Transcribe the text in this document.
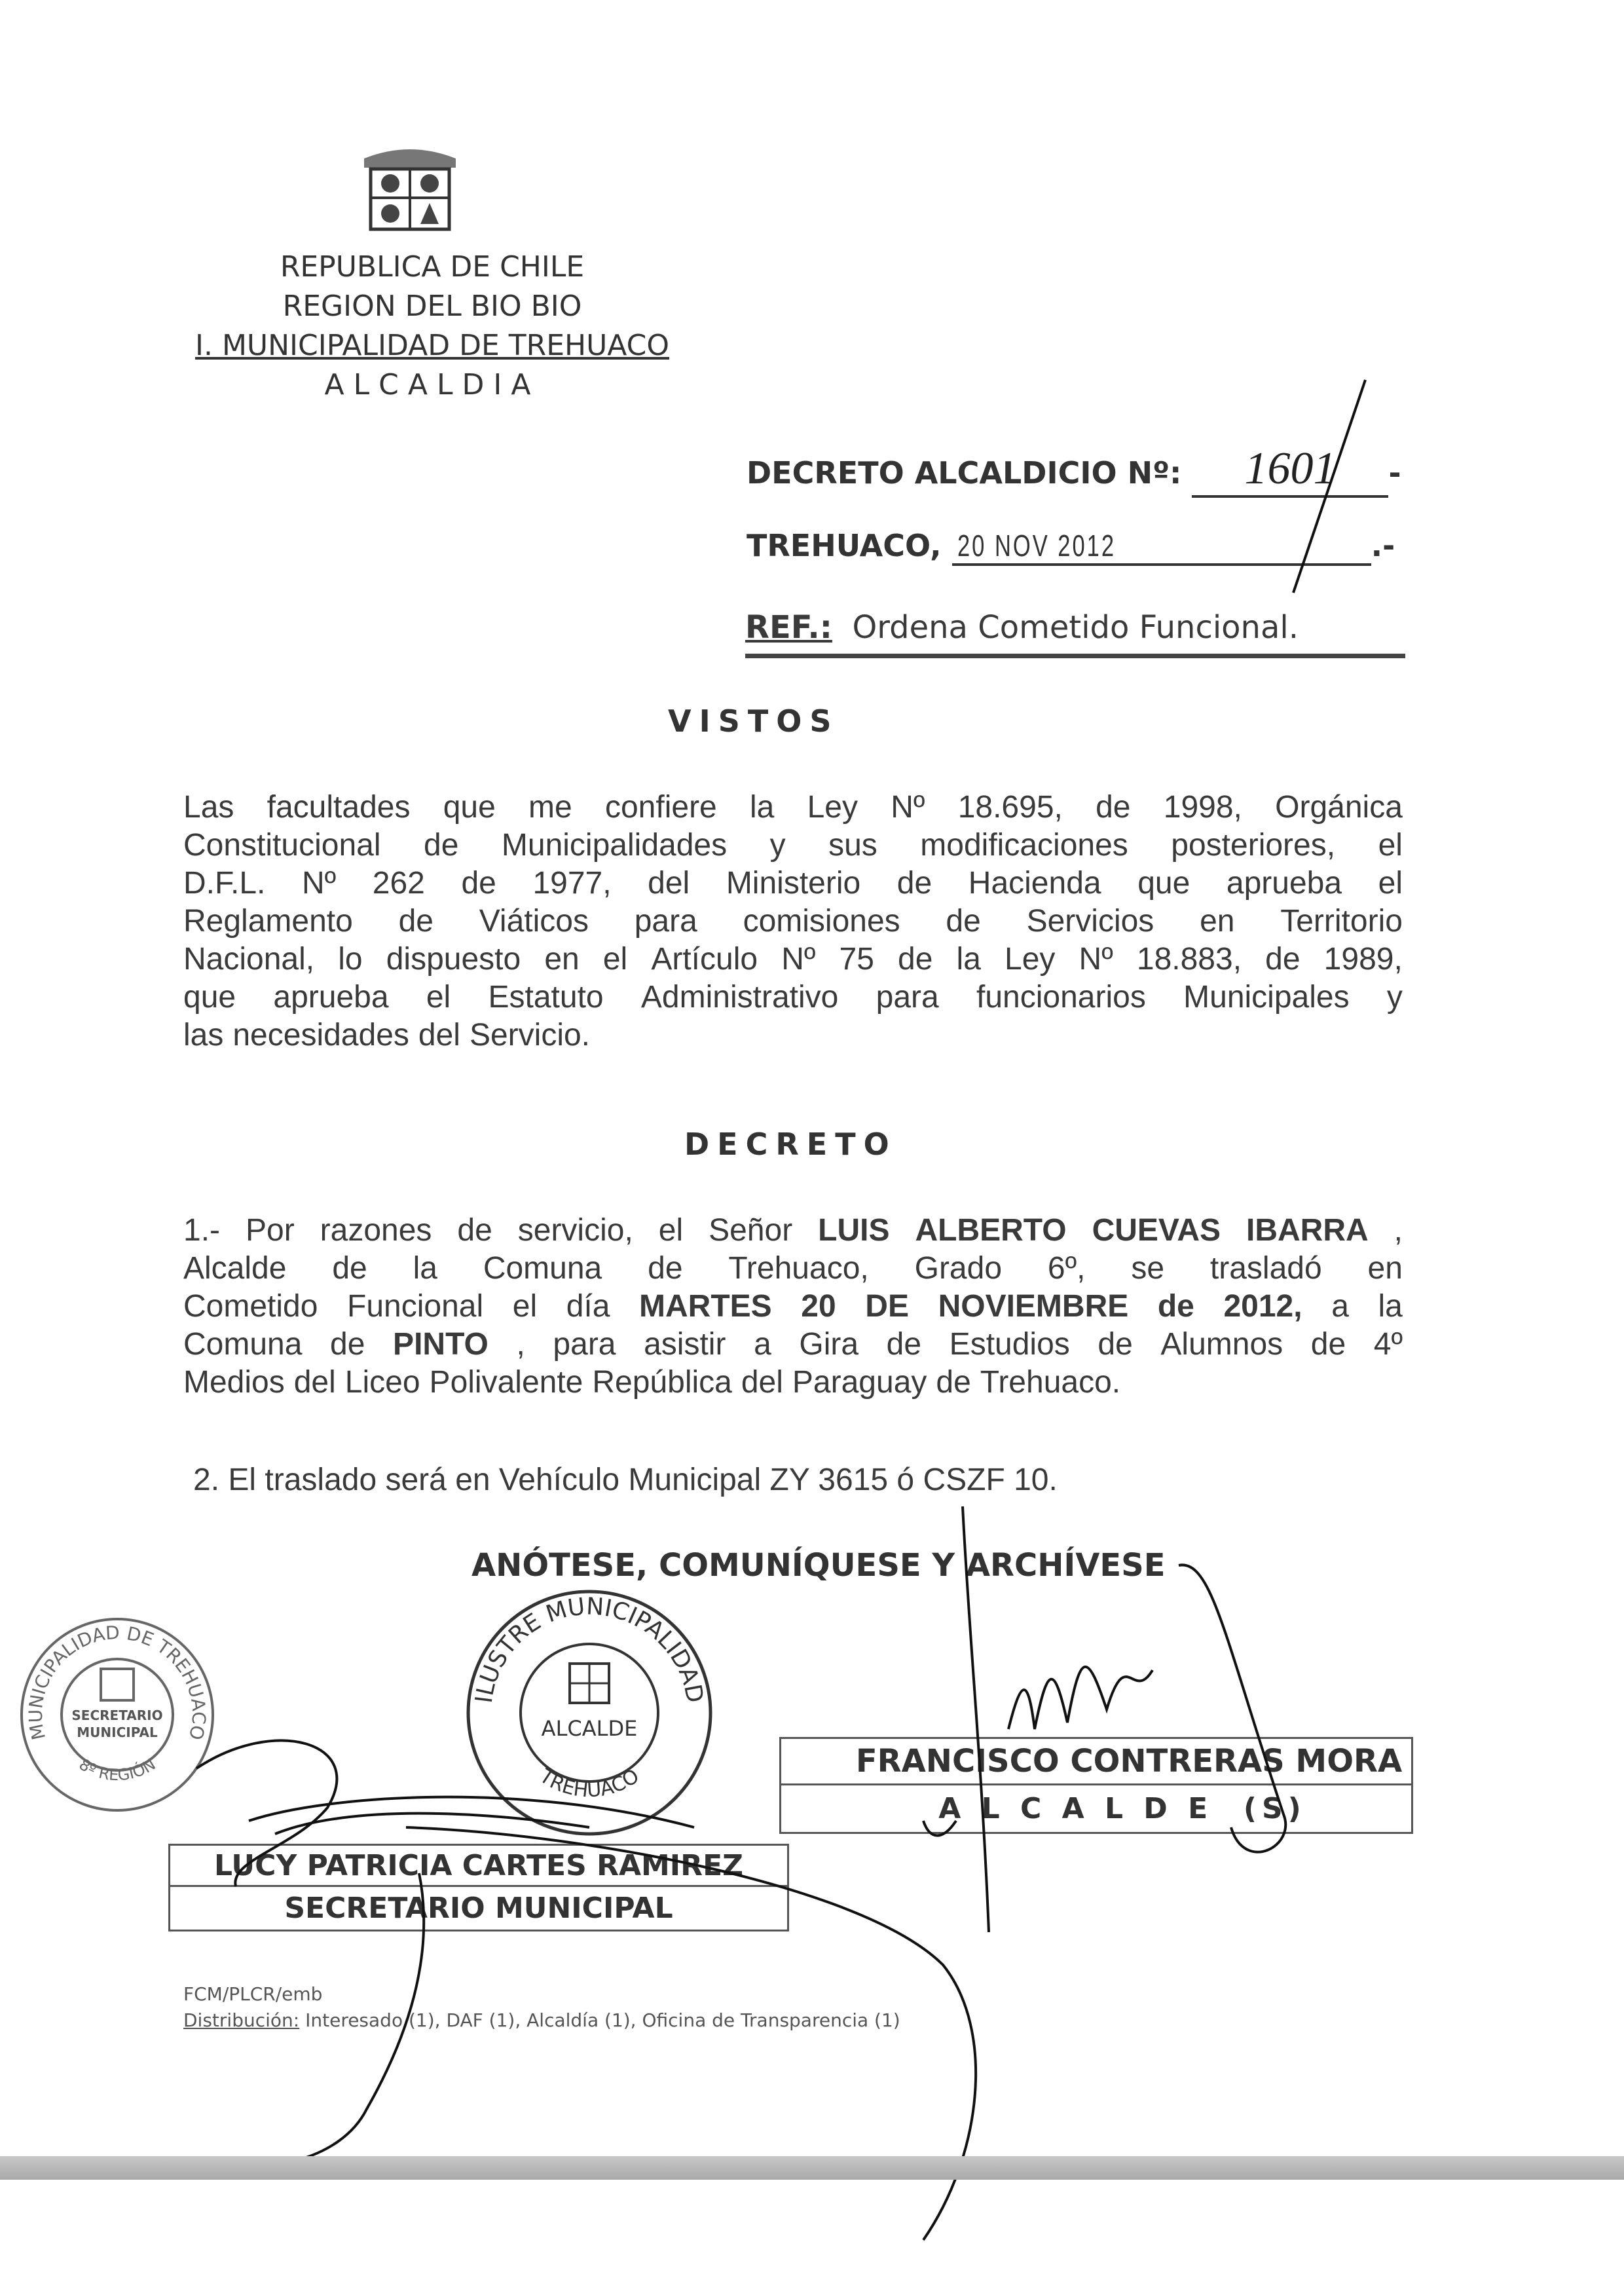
REPUBLICA DE CHILE
REGION DEL BIO BIO
I. MUNICIPALIDAD DE TREHUACO
ALCALDIA
DECRETO ALCALDICIO Nº: 1601 -
TREHUACO, 20 NOV 2012	.-
REF.: Ordena Cometido Funcional.
VISTOS
Las facultades que me confiere la Ley Nº 18.695, de 1998, Orgánica
Constitucional de Municipalidades y sus modificaciones posteriores, el
D.F.L. Nº 262 de 1977, del Ministerio de Hacienda que aprueba el
Reglamento de Viáticos para comisiones de Servicios en Territorio
Nacional, lo dispuesto en el Artículo Nº 75 de la Ley Nº 18.883, de 1989,
que aprueba el Estatuto Administrativo para funcionarios Municipales y
las necesidades del Servicio.
DECRETO
1.- Por razones de servicio, el Señor LUIS ALBERTO CUEVAS IBARRA ,
Alcalde de la Comuna de Trehuaco, Grado 6º, se trasladó en
Cometido Funcional el día MARTES 20 DE NOVIEMBRE de 2012, a la
Comuna de PINTO , para asistir a Gira de Estudios de Alumnos de 4º
Medios del Liceo Polivalente República del Paraguay de Trehuaco.
2. El traslado será en Vehículo Municipal ZY 3615 ó CSZF 10.
ANÓTESE, COMUNÍQUESE Y ARCHÍVESE
FRANCISCO CONTRERAS MORA
A L C A L D E  (S)
LUCY PATRICIA CARTES RAMIREZ
SECRETARIO MUNICIPAL
ILUSTRE MUNICIPALIDAD
ALCALDE
TREHUACO
MUNICIPALIDAD DE TREHUACO
SECRETARIO MUNICIPAL
8º REGIÓN
FCM/PLCR/emb
Distribución: Interesado (1), DAF (1), Alcaldía (1), Oficina de Transparencia (1)
